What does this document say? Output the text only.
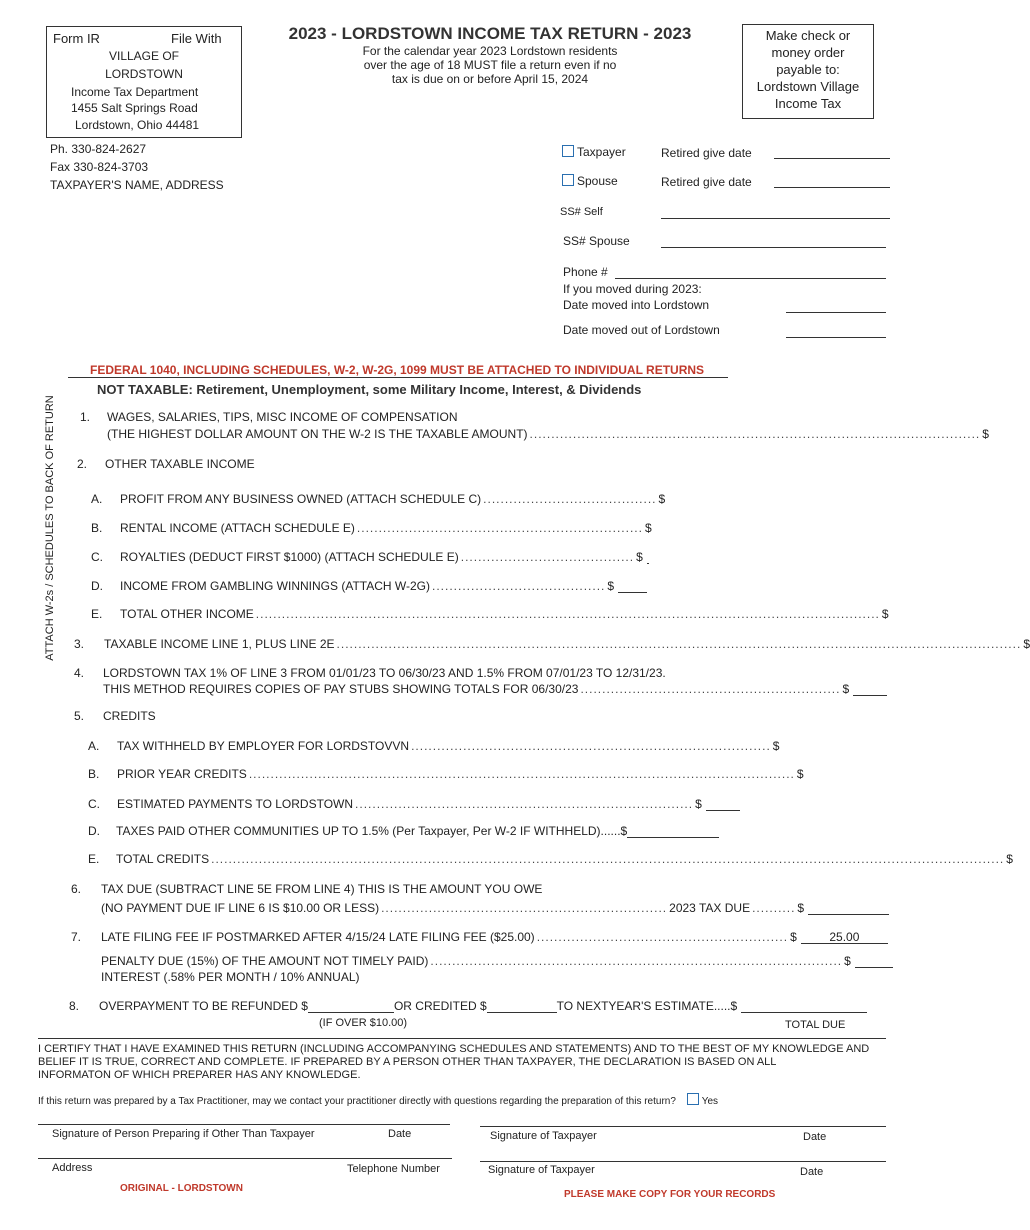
Form IR	File With
VILLAGE OF
LORDSTOWN
Income Tax Department
1455 Salt Springs Road
Lordstown, Ohio 44481
Ph. 330-824-2627
Fax 330-824-3703
TAXPAYER'S NAME, ADDRESS
2023 - LORDSTOWN INCOME TAX RETURN - 2023
For the calendar year 2023 Lordstown residents
over the age of 18 MUST file a return even if no
tax is due on or before April 15, 2024
Make check or
money order
payable to:
Lordstown Village
Income Tax
Taxpayer	Retired give date
Spouse	Retired give date
SS# Self
SS# Spouse
Phone #
If you moved during 2023:
Date moved into Lordstown
Date moved out of Lordstown
FEDERAL 1040, INCLUDING SCHEDULES, W-2, W-2G, 1099 MUST BE ATTACHED TO INDIVIDUAL RETURNS
NOT TAXABLE: Retirement, Unemployment, some Military Income, Interest, & Dividends
ATTACH W-2s / SCHEDULES TO BACK OF RETURN 1. WAGES, SALARIES, TIPS, MISC INCOME OF COMPENSATION
(THE HIGHEST DOLLAR AMOUNT ON THE W-2 IS THE TAXABLE AMOUNT) ........................................................................................................ $
2. OTHER TAXABLE INCOME
A. PROFIT FROM ANY BUSINESS OWNED (ATTACH SCHEDULE C) ........................................ $
B. RENTAL INCOME (ATTACH SCHEDULE E) .................................................................. $
C. ROYALTIES (DEDUCT FIRST $1000) (ATTACH SCHEDULE E) ........................................ $
D. INCOME FROM GAMBLING WINNINGS (ATTACH W-2G) ........................................ $
E. TOTAL OTHER INCOME ................................................................................................................................................ $
3. TAXABLE INCOME LINE 1, PLUS LINE 2E .............................................................................................................................................................. $
4. LORDSTOWN TAX 1% OF LINE 3 FROM 01/01/23 TO 06/30/23 AND 1.5% FROM 07/01/23 TO 12/31/23.
THIS METHOD REQUIRES COPIES OF PAY STUBS SHOWING TOTALS FOR 06/30/23 ............................................................ $
5. CREDITS
A. TAX WITHHELD BY EMPLOYER FOR LORDSTOVVN ................................................................................... $
B. PRIOR YEAR CREDITS .............................................................................................................................. $
C. ESTIMATED PAYMENTS TO LORDSTOWN .............................................................................. $
D. TAXES PAID OTHER COMMUNITIES UP TO 1.5% (Per Taxpayer, Per W-2 IF WITHHELD)......$
E. TOTAL CREDITS ....................................................................................................................................................................................... $
6. TAX DUE (SUBTRACT LINE 5E FROM LINE 4) THIS IS THE AMOUNT YOU OWE
(NO PAYMENT DUE IF LINE 6 IS $10.00 OR LESS) .................................................................. 2023 TAX DUE .......... $
7. LATE FILING FEE IF POSTMARKED AFTER 4/15/24 LATE FILING FEE ($25.00) .......................................................... $	25.00
PENALTY DUE (15%) OF THE AMOUNT NOT TIMELY PAID) ............................................................................................... $
INTEREST (.58% PER MONTH / 10% ANNUAL)
8. OVERPAYMENT TO BE REFUNDED $	OR CREDITED $	TO NEXTYEAR'S ESTIMATE.....$
(IF OVER $10.00)	TOTAL DUE
I CERTIFY THAT I HAVE EXAMINED THIS RETURN (INCLUDING ACCOMPANYING SCHEDULES AND STATEMENTS) AND TO THE BEST OF MY KNOWLEDGE AND
BELIEF IT IS TRUE, CORRECT AND COMPLETE. IF PREPARED BY A PERSON OTHER THAN TAXPAYER, THE DECLARATION IS BASED ON ALL
INFORMATON OF WHICH PREPARER HAS ANY KNOWLEDGE.
If this return was prepared by a Tax Practitioner, may we contact your practitioner directly with questions regarding the preparation of this return?	Yes
Signature of Person Preparing if Other Than Taxpayer	Date	Signature of Taxpayer	Date
Address	Telephone Number	Signature of Taxpayer	Date
ORIGINAL - LORDSTOWN
PLEASE MAKE COPY FOR YOUR RECORDS
